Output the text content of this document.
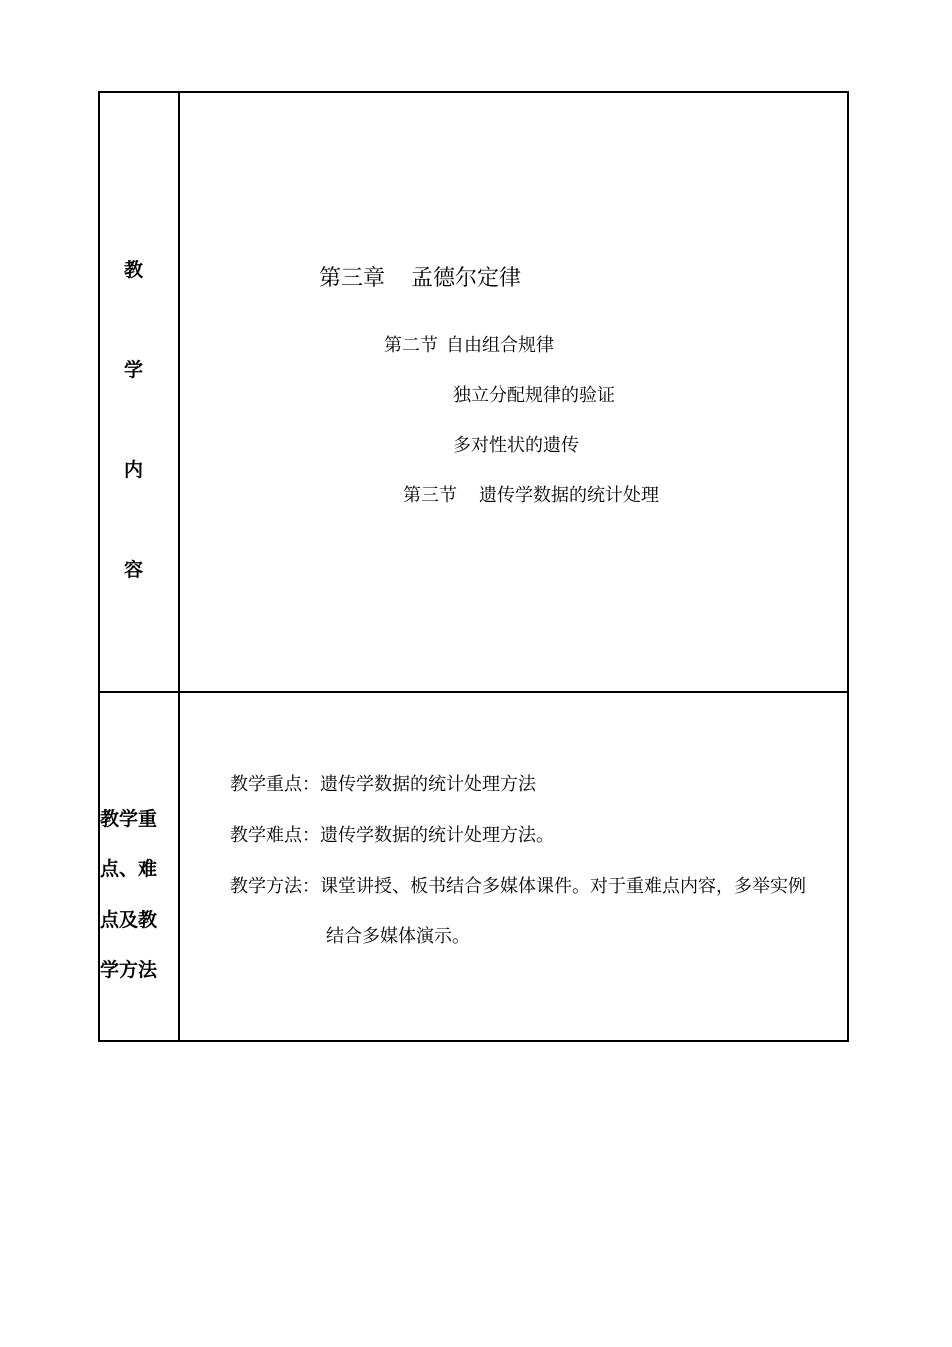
教
学
内
容
第三章 孟德尔定律
第二节 自由组合规律
独立分配规律的验证
多对性状的遗传
第三节 遗传学数据的统计处理
教学重
点、难
点及教
学方法
教学重点：遗传学数据的统计处理方法
教学难点：遗传学数据的统计处理方法。
教学方法：课堂讲授、板书结合多媒体课件。对于重难点内容，多举实例
结合多媒体演示。
